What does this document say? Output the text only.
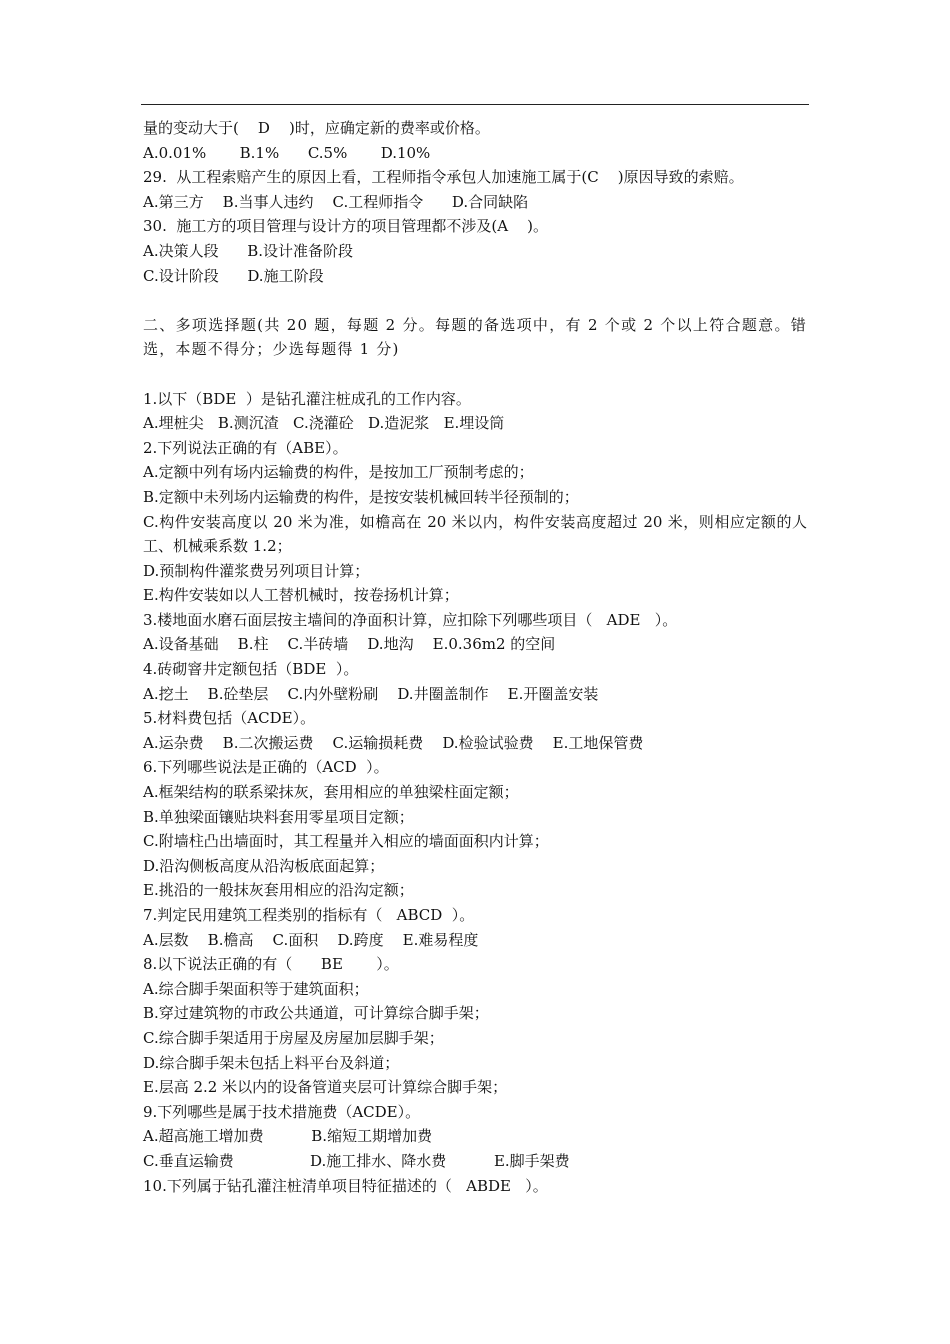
量的变动大于(    D    )时，应确定新的费率或价格。
A.0.01%       B.1%      C.5%       D.10%
29.  从工程索赔产生的原因上看，工程师指令承包人加速施工属于(C    )原因导致的索赔。
A.第三方    B.当事人违约    C.工程师指令      D.合同缺陷
30.  施工方的项目管理与设计方的项目管理都不涉及(A    )。
A.决策人段      B.设计准备阶段
C.设计阶段      D.施工阶段
二、多项选择题(共 20 题，每题 2 分。每题的备选项中，有 2 个或 2 个以上符合题意。错选，本题不得分；少选每题得 1 分)
1.以下（BDE  ）是钻孔灌注桩成孔的工作内容。
A.埋桩尖   B.测沉渣   C.浇灌砼   D.造泥浆   E.埋设筒
2.下列说法正确的有（ABE）。
A.定额中列有场内运输费的构件，是按加工厂预制考虑的；
B.定额中未列场内运输费的构件，是按安装机械回转半径预制的；
C.构件安装高度以 20 米为准，如檐高在 20 米以内，构件安装高度超过 20 米，则相应定额的人工、机械乘系数 1.2；
D.预制构件灌浆费另列项目计算；
E.构件安装如以人工替机械时，按卷扬机计算；
3.楼地面水磨石面层按主墙间的净面积计算，应扣除下列哪些项目（   ADE   ）。
A.设备基础    B.柱    C.半砖墙    D.地沟    E.0.36m2 的空间
4.砖砌窨井定额包括（BDE  ）。
A.挖土    B.砼垫层    C.内外壁粉刷    D.井圈盖制作    E.开圈盖安装
5.材料费包括（ACDE）。
A.运杂费    B.二次搬运费    C.运输损耗费    D.检验试验费    E.工地保管费
6.下列哪些说法是正确的（ACD  ）。
A.框架结构的联系梁抹灰，套用相应的单独梁柱面定额；
B.单独梁面镶贴块料套用零星项目定额；
C.附墙柱凸出墙面时，其工程量并入相应的墙面面积内计算；
D.沿沟侧板高度从沿沟板底面起算；
E.挑沿的一般抹灰套用相应的沿沟定额；
7.判定民用建筑工程类别的指标有（   ABCD  ）。
A.层数    B.檐高    C.面积    D.跨度    E.难易程度
8.以下说法正确的有（      BE       ）。
A.综合脚手架面积等于建筑面积；
B.穿过建筑物的市政公共通道，可计算综合脚手架；
C.综合脚手架适用于房屋及房屋加层脚手架；
D.综合脚手架未包括上料平台及斜道；
E.层高 2.2 米以内的设备管道夹层可计算综合脚手架；
9.下列哪些是属于技术措施费（ACDE）。
A.超高施工增加费          B.缩短工期增加费
C.垂直运输费                D.施工排水、降水费          E.脚手架费
10.下列属于钻孔灌注桩清单项目特征描述的（   ABDE   ）。
